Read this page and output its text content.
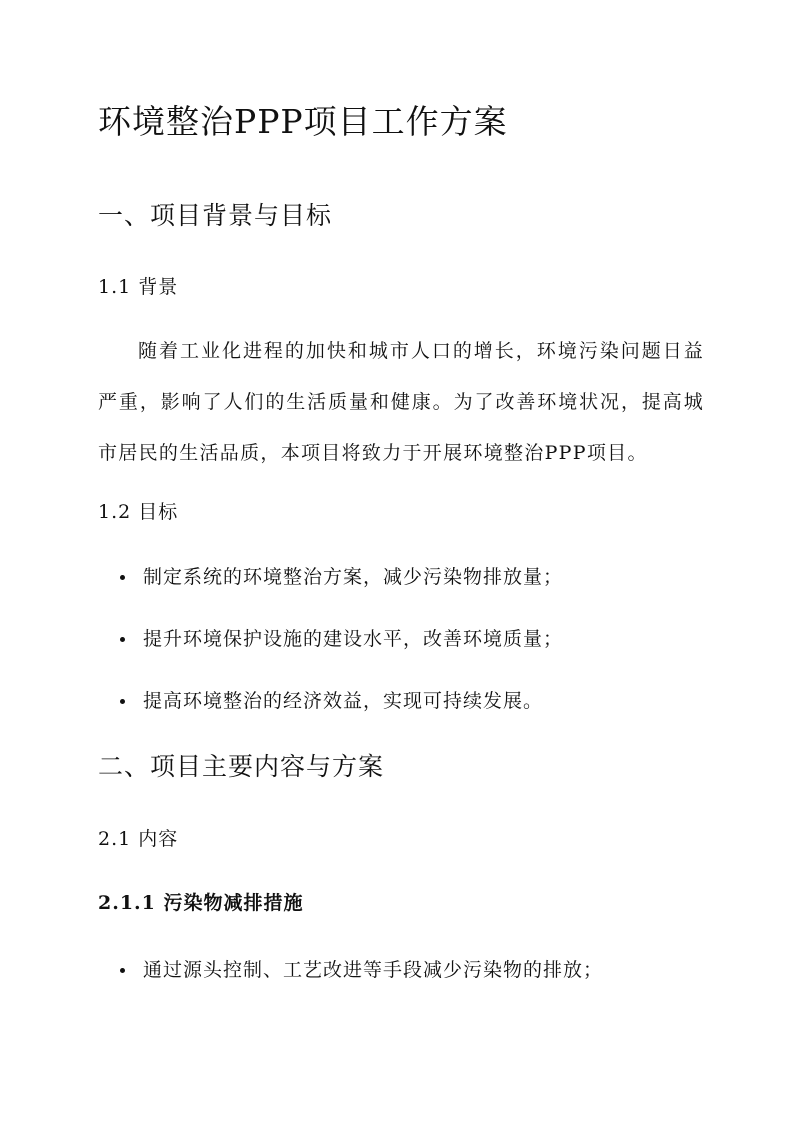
环境整治PPP项目工作方案
一、项目背景与目标
1.1 背景

随着工业化进程的加快和城市人口的增长，环境污染问题日益严重，影响了人们的生活质量和健康。为了改善环境状况，提高城市居民的生活品质，本项目将致力于开展环境整治PPP项目。

1.2 目标
制定系统的环境整治方案，减少污染物排放量；
提升环境保护设施的建设水平，改善环境质量；
提高环境整治的经济效益，实现可持续发展。
二、项目主要内容与方案
2.1 内容
2.1.1 污染物减排措施
通过源头控制、工艺改进等手段减少污染物的排放；
